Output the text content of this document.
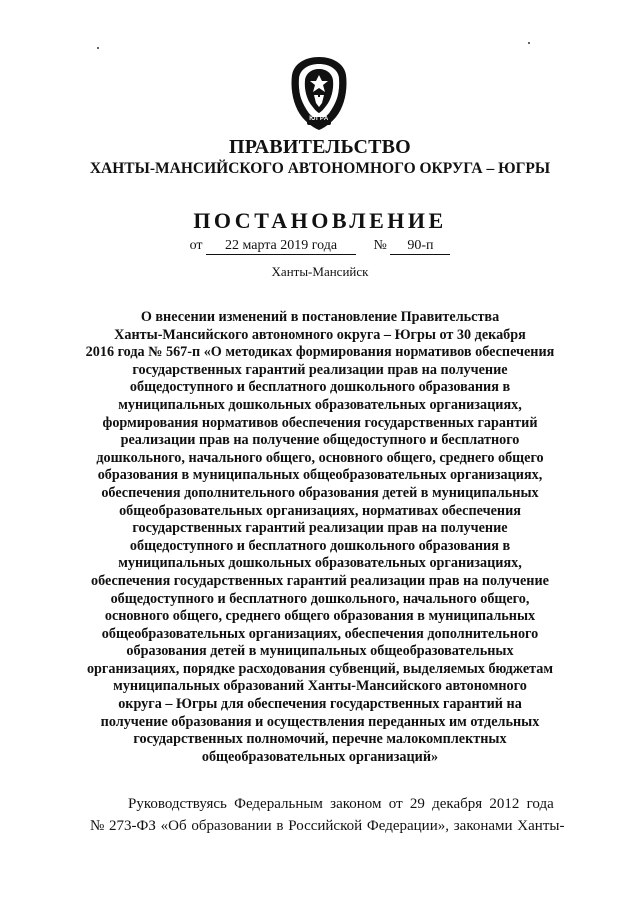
ЮГРА
ПРАВИТЕЛЬСТВО
ХАНТЫ-МАНСИЙСКОГО АВТОНОМНОГО ОКРУГА – ЮГРЫ
ПОСТАНОВЛЕНИЕ
от 22 марта 2019 года	№ 90-п
Ханты-Мансийск
О внесении изменений в постановление Правительства
Ханты-Мансийского автономного округа – Югры от 30 декабря
2016 года № 567-п «О методиках формирования нормативов обеспечения
государственных гарантий реализации прав на получение
общедоступного и бесплатного дошкольного образования в
муниципальных дошкольных образовательных организациях,
формирования нормативов обеспечения государственных гарантий
реализации прав на получение общедоступного и бесплатного
дошкольного, начального общего, основного общего, среднего общего
образования в муниципальных общеобразовательных организациях,
обеспечения дополнительного образования детей в муниципальных
общеобразовательных организациях, нормативах обеспечения
государственных гарантий реализации прав на получение
общедоступного и бесплатного дошкольного образования в
муниципальных дошкольных образовательных организациях,
обеспечения государственных гарантий реализации прав на получение
общедоступного и бесплатного дошкольного, начального общего,
основного общего, среднего общего образования в муниципальных
общеобразовательных организациях, обеспечения дополнительного
образования детей в муниципальных общеобразовательных
организациях, порядке расходования субвенций, выделяемых бюджетам
муниципальных образований Ханты-Мансийского автономного
округа – Югры для обеспечения государственных гарантий на
получение образования и осуществления переданных им отдельных
государственных полномочий, перечне малокомплектных
общеобразовательных организаций»
Руководствуясь Федеральным законом от 29 декабря 2012 года
№ 273-ФЗ «Об образовании в Российской Федерации», законами Ханты-
